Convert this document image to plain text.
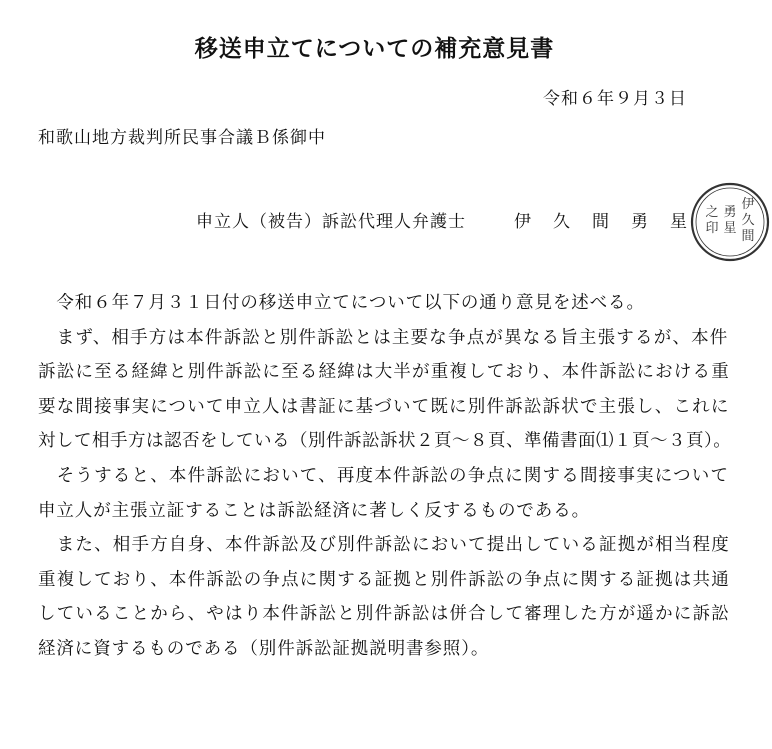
移送申立てについての補充意見書
令和６年９月３日
和歌山地方裁判所民事合議Ｂ係御中
申立人（被告）訴訟代理人弁護士	伊久間勇星
伊
久
間
勇
星
之
印
　令和６年７月３１日付の移送申立てについて以下の通り意見を述べる。
　まず、相手方は本件訴訟と別件訴訟とは主要な争点が異なる旨主張するが、本件
訴訟に至る経緯と別件訴訟に至る経緯は大半が重複しており、本件訴訟における重
要な間接事実について申立人は書証に基づいて既に別件訴訟訴状で主張し、これに
対して相手方は認否をしている（別件訴訟訴状２頁～８頁、準備書面⑴１頁～３頁）。
　そうすると、本件訴訟において、再度本件訴訟の争点に関する間接事実について
申立人が主張立証することは訴訟経済に著しく反するものである。
　また、相手方自身、本件訴訟及び別件訴訟において提出している証拠が相当程度
重複しており、本件訴訟の争点に関する証拠と別件訴訟の争点に関する証拠は共通
していることから、やはり本件訴訟と別件訴訟は併合して審理した方が遥かに訴訟
経済に資するものである（別件訴訟証拠説明書参照）。
